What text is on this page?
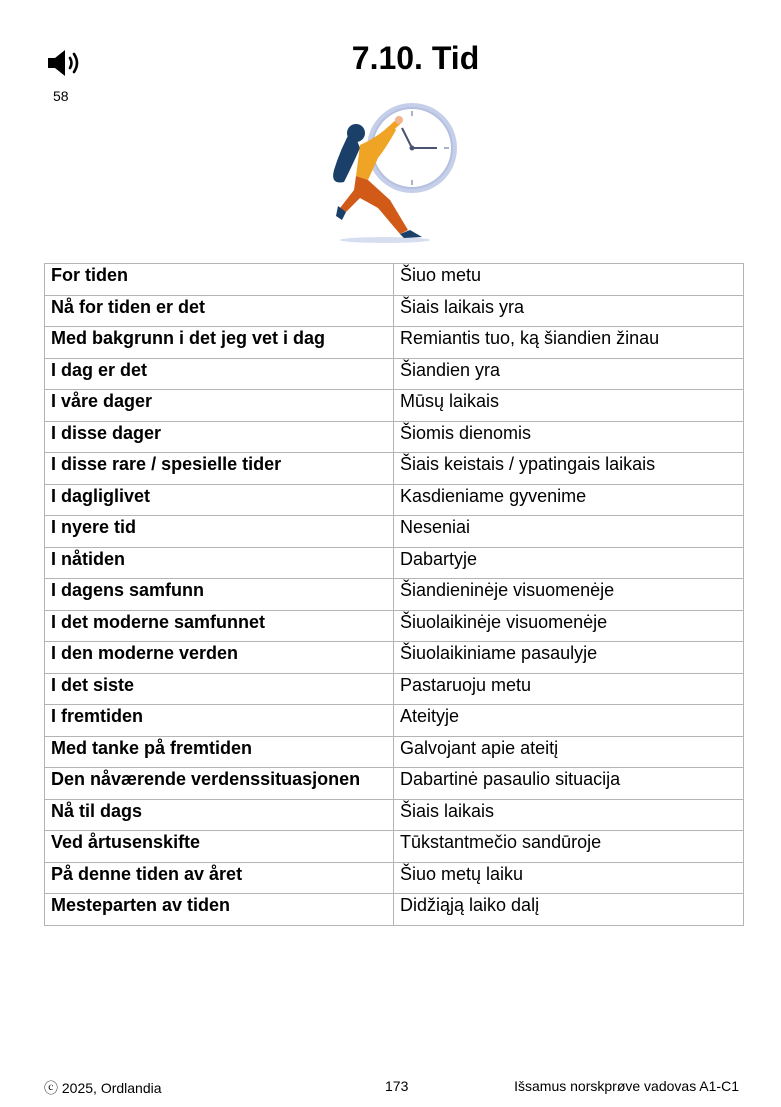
58
7.10. Tid
For tiden	Šiuo metu
Nå for tiden er det	Šiais laikais yra
Med bakgrunn i det jeg vet i dag	Remiantis tuo, ką šiandien žinau
I dag er det	Šiandien yra
I våre dager	Mūsų laikais
I disse dager	Šiomis dienomis
I disse rare / spesielle tider	Šiais keistais / ypatingais laikais
I dagliglivet	Kasdieniame gyvenime
I nyere tid	Neseniai
I nåtiden	Dabartyje
I dagens samfunn	Šiandieninėje visuomenėje
I det moderne samfunnet	Šiuolaikinėje visuomenėje
I den moderne verden	Šiuolaikiniame pasaulyje
I det siste	Pastaruoju metu
I fremtiden	Ateityje
Med tanke på fremtiden	Galvojant apie ateitį
Den nåværende verdenssituasjonen	Dabartinė pasaulio situacija
Nå til dags	Šiais laikais
Ved årtusenskifte	Tūkstantmečio sandūroje
På denne tiden av året	Šiuo metų laiku
Mesteparten av tiden	Didžiąją laiko dalį
ⓒ 2025, Ordlandia	173	Išsamus norskprøve vadovas A1-C1
